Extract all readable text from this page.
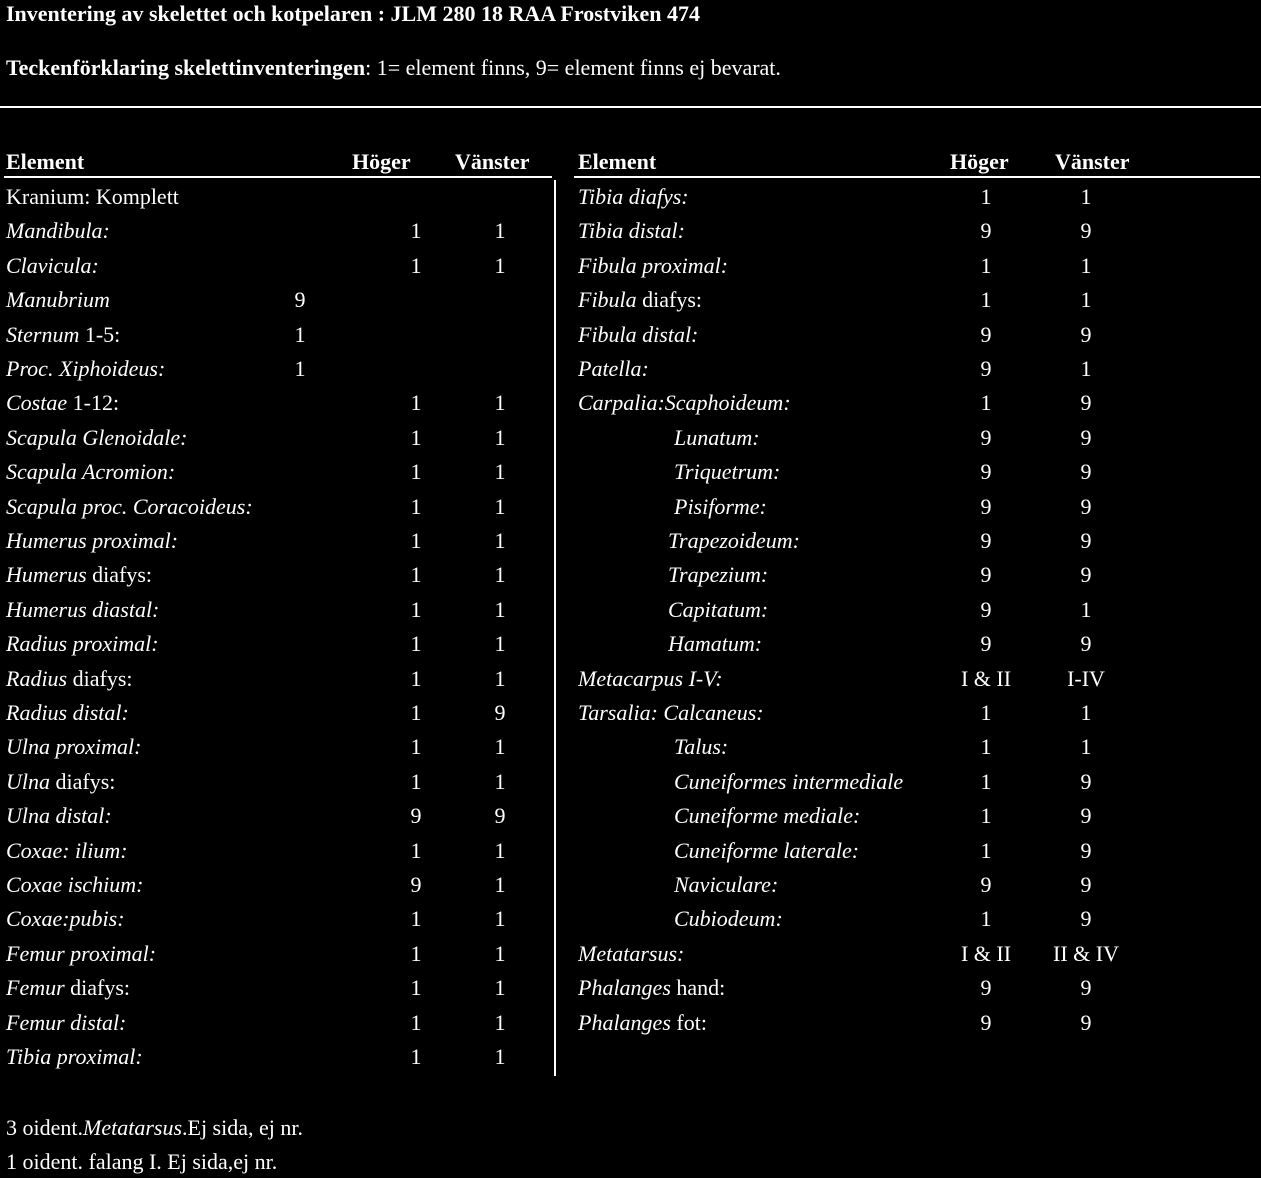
Inventering av skelettet och kotpelaren : JLM 280 18 RAA Frostviken 474
Teckenförklaring skelettinventeringen: 1= element finns, 9= element finns ej bevarat.
Element	Höger Vänster Element	Höger Vänster
Kranium: Komplett
Mandibula:	1	1
Clavicula:	1	1
Manubrium	9
Sternum 1-5:	1
Proc. Xiphoideus:	1
Costae 1-12:	1	1
Scapula Glenoidale:	1	1
Scapula Acromion:	1	1
Scapula proc. Coracoideus:	1	1
Humerus proximal:	1	1
Humerus diafys:	1	1
Humerus diastal:	1	1
Radius proximal:	1	1
Radius diafys:	1	1
Radius distal:	1	9
Ulna proximal:	1	1
Ulna diafys:	1	1
Ulna distal:	9	9
Coxae: ilium:	1	1
Coxae ischium:	9	1
Coxae:pubis:	1	1
Femur proximal:	1	1
Femur diafys:	1	1
Femur distal:	1	1
Tibia proximal:	1	1
Tibia diafys:	1	1
Tibia distal:	9	9
Fibula proximal:	1	1
Fibula diafys:	1	1
Fibula distal:	9	9
Patella:	9	1
Carpalia:Scaphoideum:	1	9
Lunatum:	9	9
Triquetrum:	9	9
Pisiforme:	9	9
Trapezoideum:	9	9
Trapezium:	9	9
Capitatum:	9	1
Hamatum:	9	9
Metacarpus I-V:	I & II	I-IV
Tarsalia: Calcaneus:	1	1
Talus:	1	1
Cuneiformes intermediale	1	9
Cuneiforme mediale:	1	9
Cuneiforme laterale:	1	9
Naviculare:	9	9
Cubiodeum:	1	9
Metatarsus:	I & II	II & IV
Phalanges hand:	9	9
Phalanges fot:	9	9
3 oident.Metatarsus.Ej sida, ej nr.
1 oident. falang I. Ej sida,ej nr.
